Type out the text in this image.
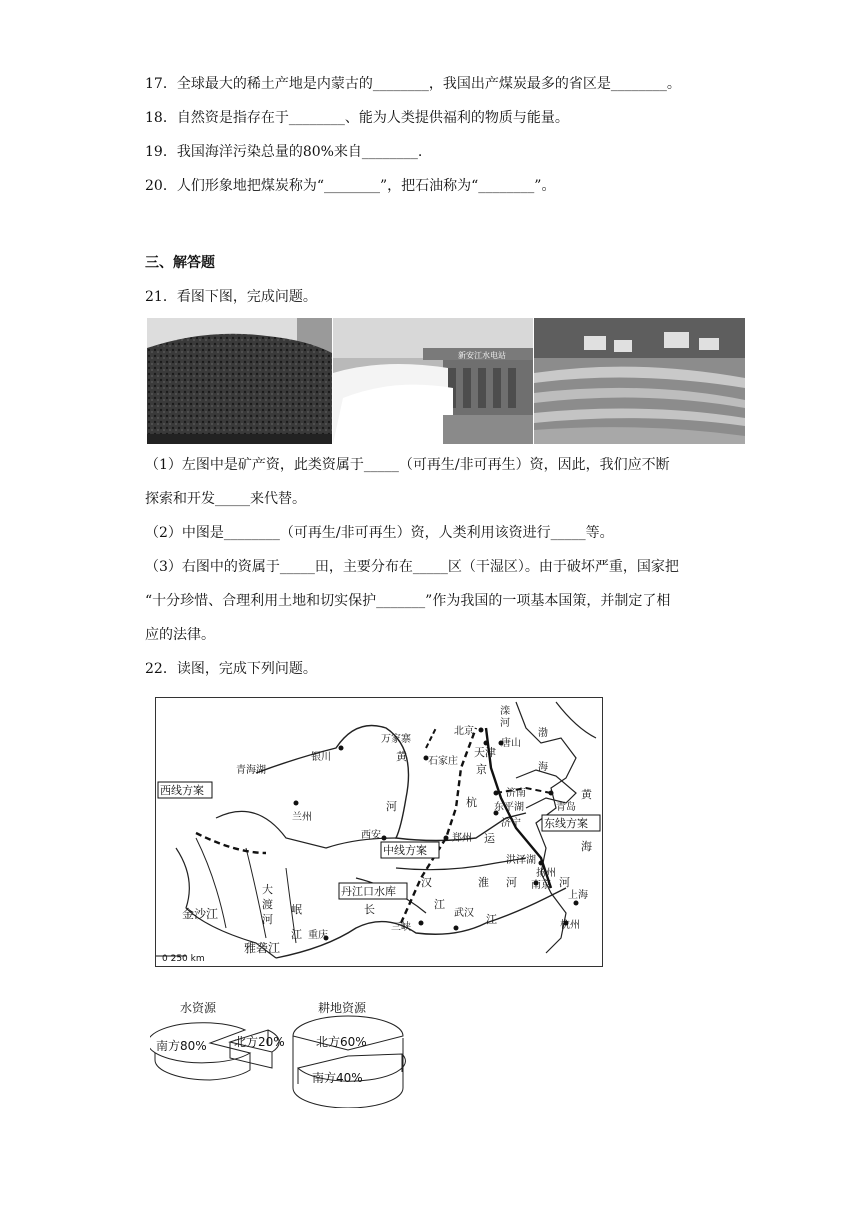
17．全球最大的稀土产地是内蒙古的________，我国出产煤炭最多的省区是________。
18．自然资是指存在于________、能为人类提供福利的物质与能量。
19．我国海洋污染总量的80%来自________.
20．人们形象地把煤炭称为“________”，把石油称为“________”。
三、解答题
21．看图下图，完成问题。
新安江水电站
（1）左图中是矿产资，此类资属于_____（可再生/非可再生）资，因此，我们应不断
探索和开发_____来代替。
（2）中图是________（可再生/非可再生）资，人类利用该资进行_____等。
（3）右图中的资属于_____田，主要分布在_____区（干湿区）。由于破坏严重，国家把
“十分珍惜、合理利用土地和切实保护_______”作为我国的一项基本国策，并制定了相
应的法律。
22．读图，完成下列问题。
滦
河
北京
天津
唐山
渤
海
万家寨
黄 石家庄
京
银川
青海湖
济南	黄
东平湖	青岛
济宁
杭
运
河
兰州
西安	郑州
海
洪泽湖
扬州
南京
淮 河
上海
杭州
河
汉
长	江
武汉 江
三峡
金沙江
大
渡
河
岷
江 重庆
雅砻江
0 250 km
西线方案
东线方案
中线方案
丹江口水库
水资源
南方80% 北方20%
耕地资源
北方60%
南方40%
